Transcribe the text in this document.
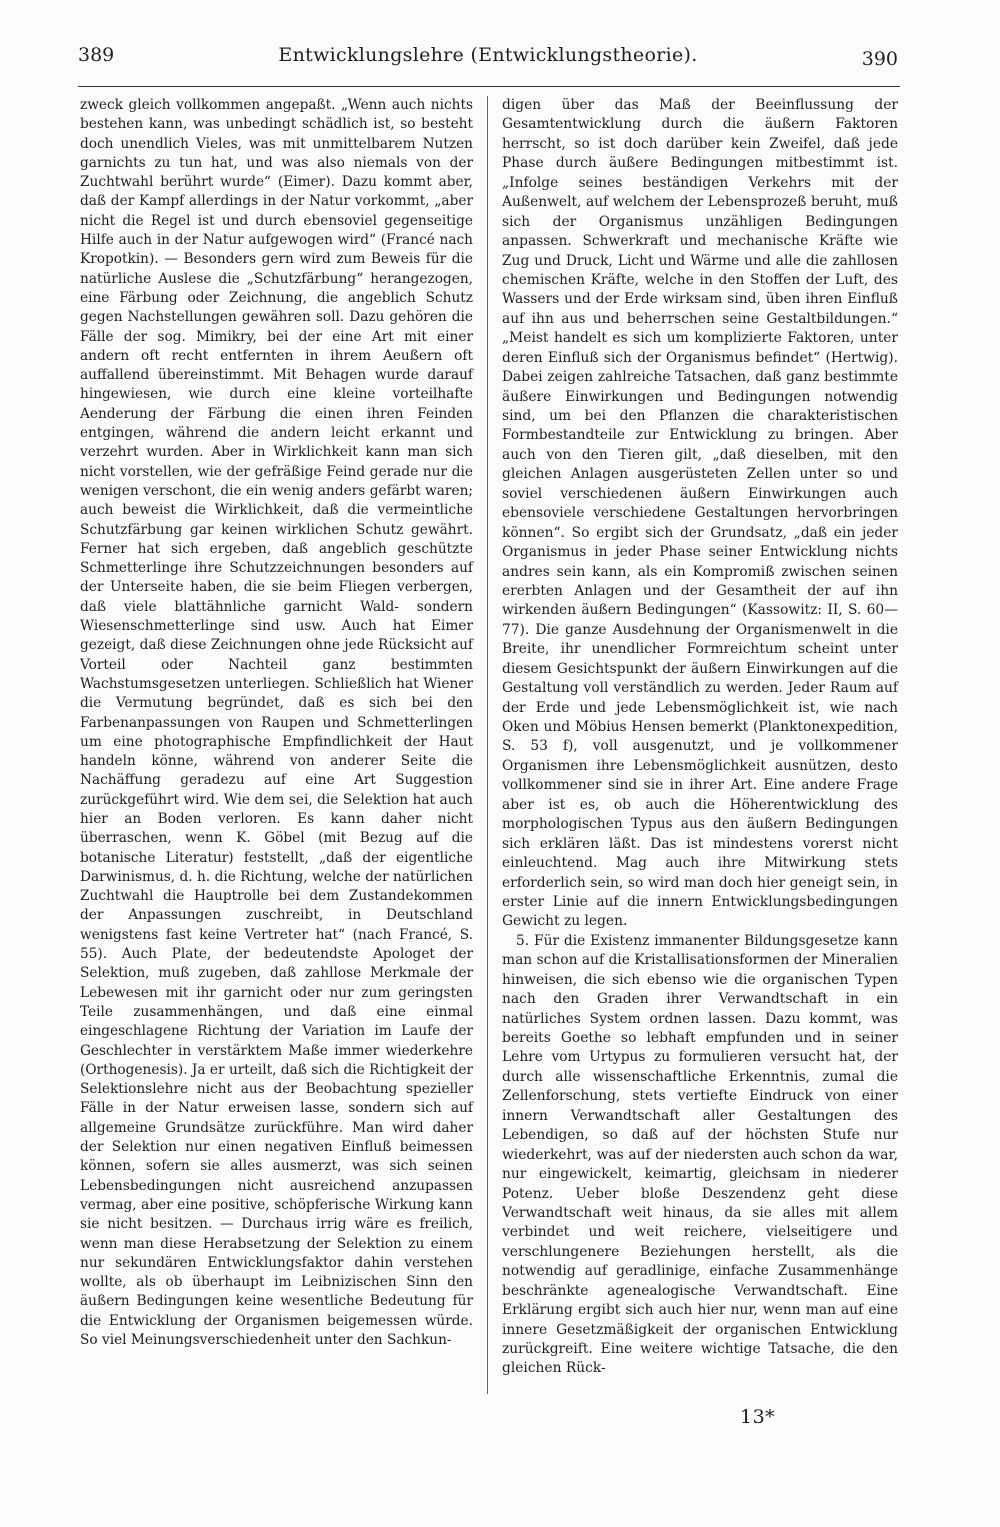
389	Entwicklungslehre (Entwicklungstheorie).	390

zweck gleich vollkommen angepaßt. „Wenn auch nichts bestehen kann, was unbedingt schädlich ist, so besteht doch unendlich Vieles, was mit unmittelbarem Nutzen garnichts zu tun hat, und was also niemals von der Zuchtwahl berührt wurde“ (Eimer). Dazu kommt aber, daß der Kampf allerdings in der Natur vorkommt, „aber nicht die Regel ist und durch ebensoviel gegenseitige Hilfe auch in der Natur aufgewogen wird“ (Francé nach Kropotkin). — Besonders gern wird zum Beweis für die natürliche Auslese die „Schutzfärbung“ herangezogen, eine Färbung oder Zeichnung, die angeblich Schutz gegen Nachstellungen gewähren soll. Dazu gehören die Fälle der sog. Mimikry, bei der eine Art mit einer andern oft recht entfernten in ihrem Aeußern oft auffallend übereinstimmt. Mit Behagen wurde darauf hingewiesen, wie durch eine kleine vorteilhafte Aenderung der Färbung die einen ihren Feinden entgingen, während die andern leicht erkannt und verzehrt wurden. Aber in Wirklichkeit kann man sich nicht vorstellen, wie der gefräßige Feind gerade nur die wenigen verschont, die ein wenig anders gefärbt waren; auch beweist die Wirklichkeit, daß die vermeintliche Schutzfärbung gar keinen wirklichen Schutz gewährt. Ferner hat sich ergeben, daß angeblich geschützte Schmetterlinge ihre Schutzzeichnungen besonders auf der Unterseite haben, die sie beim Fliegen verbergen, daß viele blattähnliche garnicht Wald- sondern Wiesenschmetterlinge sind usw. Auch hat Eimer gezeigt, daß diese Zeichnungen ohne jede Rücksicht auf Vorteil oder Nachteil ganz bestimmten Wachstumsgesetzen unterliegen. Schließlich hat Wiener die Vermutung begründet, daß es sich bei den Farbenanpassungen von Raupen und Schmetterlingen um eine photographische Empfindlichkeit der Haut handeln könne, während von anderer Seite die Nachäffung geradezu auf eine Art Suggestion zurückgeführt wird. Wie dem sei, die Selektion hat auch hier an Boden verloren. Es kann daher nicht überraschen, wenn K. Göbel (mit Bezug auf die botanische Literatur) feststellt, „daß der eigentliche Darwinismus, d. h. die Richtung, welche der natürlichen Zuchtwahl die Hauptrolle bei dem Zustandekommen der Anpassungen zuschreibt, in Deutschland wenigstens fast keine Vertreter hat“ (nach Francé, S. 55). Auch Plate, der bedeutendste Apologet der Selektion, muß zugeben, daß zahllose Merkmale der Lebewesen mit ihr garnicht oder nur zum geringsten Teile zusammenhängen, und daß eine einmal eingeschlagene Richtung der Variation im Laufe der Geschlechter in verstärktem Maße immer wiederkehre (Orthogenesis). Ja er urteilt, daß sich die Richtigkeit der Selektionslehre nicht aus der Beobachtung spezieller Fälle in der Natur erweisen lasse, sondern sich auf allgemeine Grundsätze zurückführe. Man wird daher der Selektion nur einen negativen Einfluß beimessen können, sofern sie alles ausmerzt, was sich seinen Lebensbedingungen nicht ausreichend anzupassen vermag, aber eine positive, schöpferische Wirkung kann sie nicht besitzen. — Durchaus irrig wäre es freilich, wenn man diese Herabsetzung der Selektion zu einem nur sekundären Entwicklungsfaktor dahin verstehen wollte, als ob überhaupt im Leibnizischen Sinn den äußern Bedingungen keine wesentliche Bedeutung für die Entwicklung der Organismen beigemessen würde. So viel Meinungsverschiedenheit unter den Sachkun-

digen über das Maß der Beeinflussung der Gesamtentwicklung durch die äußern Faktoren herrscht, so ist doch darüber kein Zweifel, daß jede Phase durch äußere Bedingungen mitbestimmt ist. „Infolge seines beständigen Verkehrs mit der Außenwelt, auf welchem der Lebensprozeß beruht, muß sich der Organismus unzähligen Bedingungen anpassen. Schwerkraft und mechanische Kräfte wie Zug und Druck, Licht und Wärme und alle die zahllosen chemischen Kräfte, welche in den Stoffen der Luft, des Wassers und der Erde wirksam sind, üben ihren Einfluß auf ihn aus und beherrschen seine Gestaltbildungen.“ „Meist handelt es sich um komplizierte Faktoren, unter deren Einfluß sich der Organismus befindet“ (Hertwig). Dabei zeigen zahlreiche Tatsachen, daß ganz bestimmte äußere Einwirkungen und Bedingungen notwendig sind, um bei den Pflanzen die charakteristischen Formbestandteile zur Entwicklung zu bringen. Aber auch von den Tieren gilt, „daß dieselben, mit den gleichen Anlagen ausgerüsteten Zellen unter so und soviel verschiedenen äußern Einwirkungen auch ebensoviele verschiedene Gestaltungen hervorbringen können“. So ergibt sich der Grundsatz, „daß ein jeder Organismus in jeder Phase seiner Entwicklung nichts andres sein kann, als ein Kompromiß zwischen seinen ererbten Anlagen und der Gesamtheit der auf ihn wirkenden äußern Bedingungen“ (Kassowitz: II, S. 60—77). Die ganze Ausdehnung der Organismenwelt in die Breite, ihr unendlicher Formreichtum scheint unter diesem Gesichtspunkt der äußern Einwirkungen auf die Gestaltung voll verständlich zu werden. Jeder Raum auf der Erde und jede Lebensmöglichkeit ist, wie nach Oken und Möbius Hensen bemerkt (Planktonexpedition, S. 53 f), voll ausgenutzt, und je vollkommener Organismen ihre Lebensmöglichkeit ausnützen, desto vollkommener sind sie in ihrer Art. Eine andere Frage aber ist es, ob auch die Höherentwicklung des morphologischen Typus aus den äußern Bedingungen sich erklären läßt. Das ist mindestens vorerst nicht einleuchtend. Mag auch ihre Mitwirkung stets erforderlich sein, so wird man doch hier geneigt sein, in erster Linie auf die innern Entwicklungsbedingungen Gewicht zu legen.

5. Für die Existenz immanenter Bildungsgesetze kann man schon auf die Kristallisationsformen der Mineralien hinweisen, die sich ebenso wie die organischen Typen nach den Graden ihrer Verwandtschaft in ein natürliches System ordnen lassen. Dazu kommt, was bereits Goethe so lebhaft empfunden und in seiner Lehre vom Urtypus zu formulieren versucht hat, der durch alle wissenschaftliche Erkenntnis, zumal die Zellenforschung, stets vertiefte Eindruck von einer innern Verwandtschaft aller Gestaltungen des Lebendigen, so daß auf der höchsten Stufe nur wiederkehrt, was auf der niedersten auch schon da war, nur eingewickelt, keimartig, gleichsam in niederer Potenz. Ueber bloße Deszendenz geht diese Verwandtschaft weit hinaus, da sie alles mit allem verbindet und weit reichere, vielseitigere und verschlungenere Beziehungen herstellt, als die notwendig auf geradlinige, einfache Zusammenhänge beschränkte agenealogische Verwandtschaft. Eine Erklärung ergibt sich auch hier nur, wenn man auf eine innere Gesetzmäßigkeit der organischen Entwicklung zurückgreift. Eine weitere wichtige Tatsache, die den gleichen Rück-

13*
